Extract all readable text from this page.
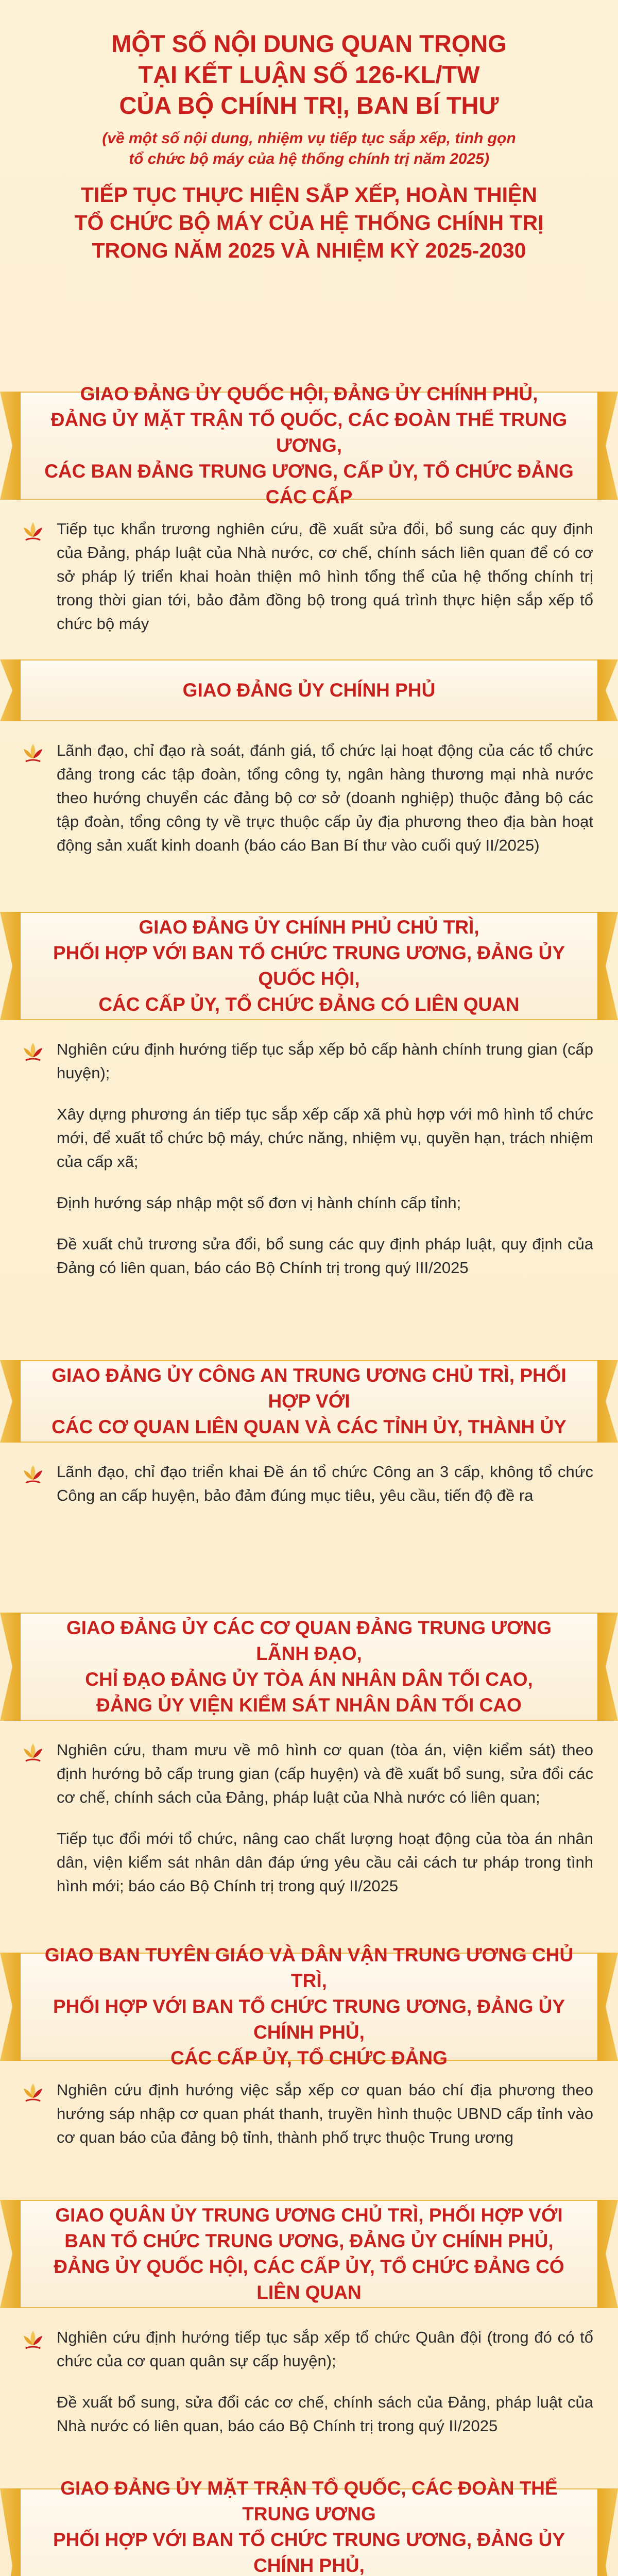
MỘT SỐ NỘI DUNG QUAN TRỌNG
TẠI KẾT LUẬN SỐ 126-KL/TW
CỦA BỘ CHÍNH TRỊ, BAN BÍ THƯ
(về một số nội dung, nhiệm vụ tiếp tục sắp xếp, tinh gọn
tổ chức bộ máy của hệ thống chính trị năm 2025)
TIẾP TỤC THỰC HIỆN SẮP XẾP, HOÀN THIỆN
TỔ CHỨC BỘ MÁY CỦA HỆ THỐNG CHÍNH TRỊ
TRONG NĂM 2025 VÀ NHIỆM KỲ 2025-2030
GIAO ĐẢNG ỦY QUỐC HỘI, ĐẢNG ỦY CHÍNH PHỦ,
ĐẢNG ỦY MẶT TRẬN TỔ QUỐC, CÁC ĐOÀN THỂ TRUNG ƯƠNG,
CÁC BAN ĐẢNG TRUNG ƯƠNG, CẤP ỦY, TỔ CHỨC ĐẢNG CÁC CẤP

Tiếp tục khẩn trương nghiên cứu, đề xuất sửa đổi, bổ sung các quy định của Đảng, pháp luật của Nhà nước, cơ chế, chính sách liên quan để có cơ sở pháp lý triển khai hoàn thiện mô hình tổng thể của hệ thống chính trị trong thời gian tới, bảo đảm đồng bộ trong quá trình thực hiện sắp xếp tổ chức bộ máy

GIAO ĐẢNG ỦY CHÍNH PHỦ

Lãnh đạo, chỉ đạo rà soát, đánh giá, tổ chức lại hoạt động của các tổ chức đảng trong các tập đoàn, tổng công ty, ngân hàng thương mại nhà nước theo hướng chuyển các đảng bộ cơ sở (doanh nghiệp) thuộc đảng bộ các tập đoàn, tổng công ty về trực thuộc cấp ủy địa phương theo địa bàn hoạt động sản xuất kinh doanh (báo cáo Ban Bí thư vào cuối quý II/2025)

GIAO ĐẢNG ỦY CHÍNH PHỦ CHỦ TRÌ,
PHỐI HỢP VỚI BAN TỔ CHỨC TRUNG ƯƠNG, ĐẢNG ỦY QUỐC HỘI,
CÁC CẤP ỦY, TỔ CHỨC ĐẢNG CÓ LIÊN QUAN

Nghiên cứu định hướng tiếp tục sắp xếp bỏ cấp hành chính trung gian (cấp huyện);

Xây dựng phương án tiếp tục sắp xếp cấp xã phù hợp với mô hình tổ chức mới, để xuất tổ chức bộ máy, chức năng, nhiệm vụ, quyền hạn, trách nhiệm của cấp xã;

Định hướng sáp nhập một số đơn vị hành chính cấp tỉnh;

Đề xuất chủ trương sửa đổi, bổ sung các quy định pháp luật, quy định của Đảng có liên quan, báo cáo Bộ Chính trị trong quý III/2025

GIAO ĐẢNG ỦY CÔNG AN TRUNG ƯƠNG CHỦ TRÌ, PHỐI HỢP VỚI
CÁC CƠ QUAN LIÊN QUAN VÀ CÁC TỈNH ỦY, THÀNH ỦY

Lãnh đạo, chỉ đạo triển khai Đề án tổ chức Công an 3 cấp, không tổ chức Công an cấp huyện, bảo đảm đúng mục tiêu, yêu cầu, tiến độ đề ra

GIAO ĐẢNG ỦY CÁC CƠ QUAN ĐẢNG TRUNG ƯƠNG LÃNH ĐẠO,
CHỈ ĐẠO ĐẢNG ỦY TÒA ÁN NHÂN DÂN TỐI CAO,
ĐẢNG ỦY VIỆN KIỂM SÁT NHÂN DÂN TỐI CAO

Nghiên cứu, tham mưu về mô hình cơ quan (tòa án, viện kiểm sát) theo định hướng bỏ cấp trung gian (cấp huyện) và đề xuất bổ sung, sửa đổi các cơ chế, chính sách của Đảng, pháp luật của Nhà nước có liên quan;

Tiếp tục đổi mới tổ chức, nâng cao chất lượng hoạt động của tòa án nhân dân, viện kiểm sát nhân dân đáp ứng yêu cầu cải cách tư pháp trong tình hình mới; báo cáo Bộ Chính trị trong quý II/2025

GIAO BAN TUYÊN GIÁO VÀ DÂN VẬN TRUNG ƯƠNG CHỦ TRÌ,
PHỐI HỢP VỚI BAN TỔ CHỨC TRUNG ƯƠNG, ĐẢNG ỦY CHÍNH PHỦ,
CÁC CẤP ỦY, TỔ CHỨC ĐẢNG

Nghiên cứu định hướng việc sắp xếp cơ quan báo chí địa phương theo hướng sáp nhập cơ quan phát thanh, truyền hình thuộc UBND cấp tỉnh vào cơ quan báo của đảng bộ tỉnh, thành phố trực thuộc Trung ương

GIAO QUÂN ỦY TRUNG ƯƠNG CHỦ TRÌ, PHỐI HỢP VỚI
BAN TỔ CHỨC TRUNG ƯƠNG, ĐẢNG ỦY CHÍNH PHỦ,
ĐẢNG ỦY QUỐC HỘI, CÁC CẤP ỦY, TỔ CHỨC ĐẢNG CÓ LIÊN QUAN

Nghiên cứu định hướng tiếp tục sắp xếp tổ chức Quân đội (trong đó có tổ chức của cơ quan quân sự cấp huyện);

Đề xuất bổ sung, sửa đổi các cơ chế, chính sách của Đảng, pháp luật của Nhà nước có liên quan, báo cáo Bộ Chính trị trong quý II/2025

GIAO ĐẢNG ỦY MẶT TRẬN TỔ QUỐC, CÁC ĐOÀN THỂ TRUNG ƯƠNG
PHỐI HỢP VỚI BAN TỔ CHỨC TRUNG ƯƠNG, ĐẢNG ỦY CHÍNH PHỦ,
